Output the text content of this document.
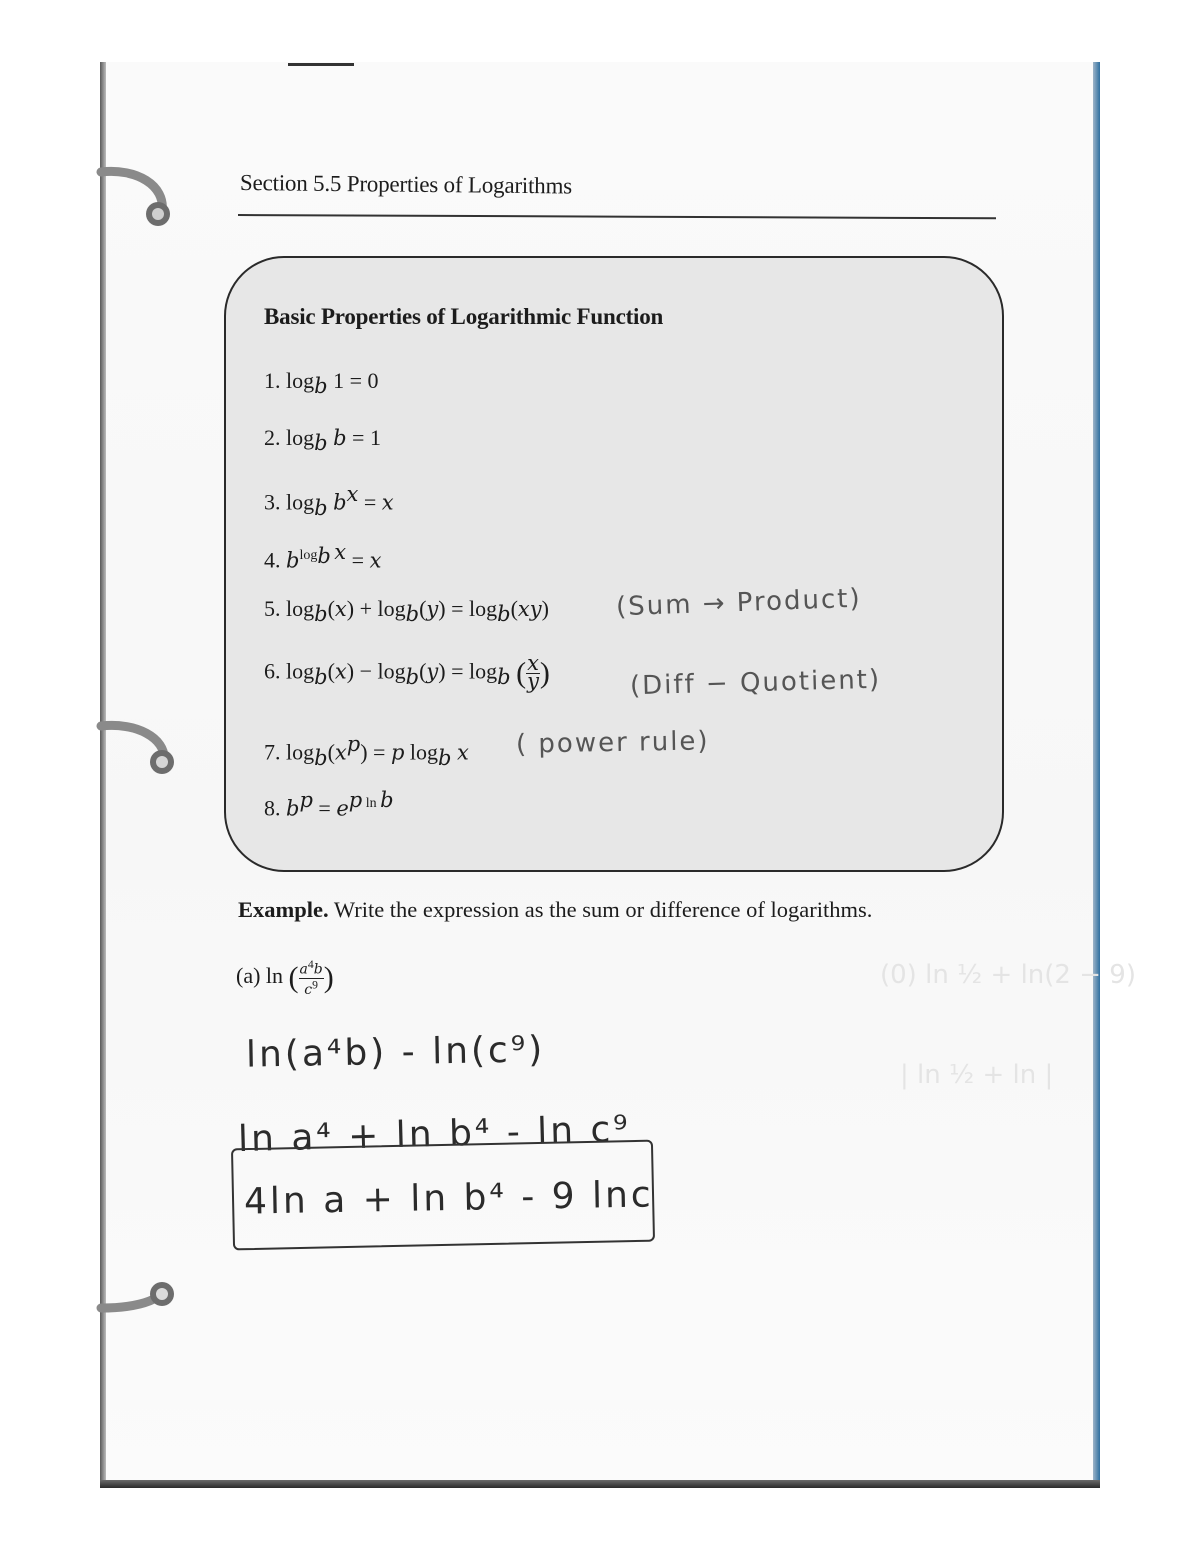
(0) ln ½ + ln(2 − 9)
| ln ½ + ln |
Section 5.5 Properties of Logarithms
Basic Properties of Logarithmic Function
1. $\log_b 1 = 0$
2. $\log_b b = 1$
3. $\log_b b^x = x$
4. $b^{log_b x} = x$
5. $\log_b(x) + \log_b(y) = \log_b(xy)$
6. $\log_b(x) - \log_b(y) = \log_b$ ( $\frac{x}{y}$)
7. $\log_b(x^p) = p$ $\log_b x$
8. $b^p = e^{p ln b}$
(Sum → Product)
(Diff − Quotient)
( power rule)
Example. Write the expression as the sum or difference of logarithms.
(a) ln ( $\frac{a^4b}{c^9}$)
ln(a⁴b) - ln(c⁹)
ln a⁴ + ln b⁴ - ln c⁹
4ln a + ln b⁴ - 9 lnc
